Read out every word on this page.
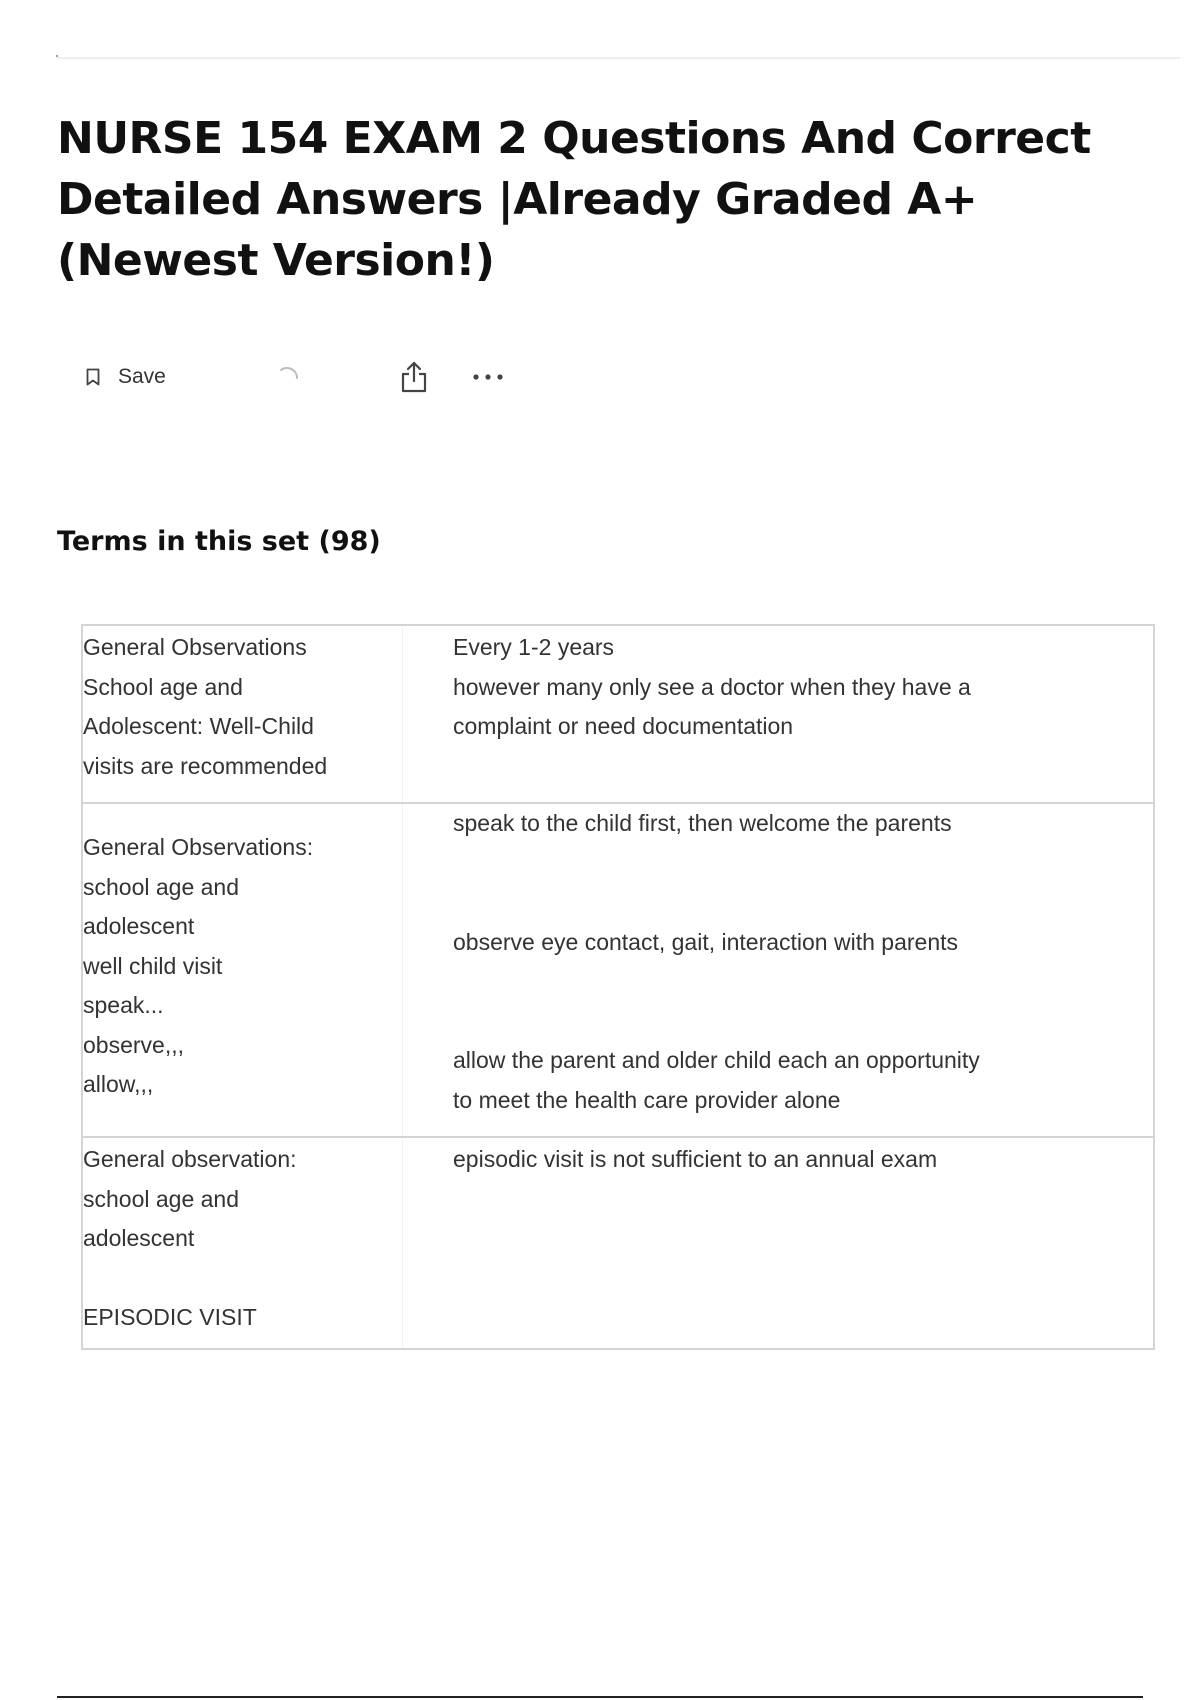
NURSE 154 EXAM 2 Questions And Correct Detailed Answers |Already Graded A+(Newest Version!)
Save
Terms in this set (98)
General Observations
School age and
Adolescent: Well-Child
visits are recommended
Every 1-2 years
however many only see a doctor when they have a
complaint or need documentation
General Observations:
school age and
adolescent
well child visit
speak...
observe,,,
allow,,,
speak to the child first, then welcome the parents

observe eye contact, gait, interaction with parents

allow the parent and older child each an opportunity
to meet the health care provider alone
General observation:
school age and
adolescent

EPISODIC VISIT
episodic visit is not sufficient to an annual exam
